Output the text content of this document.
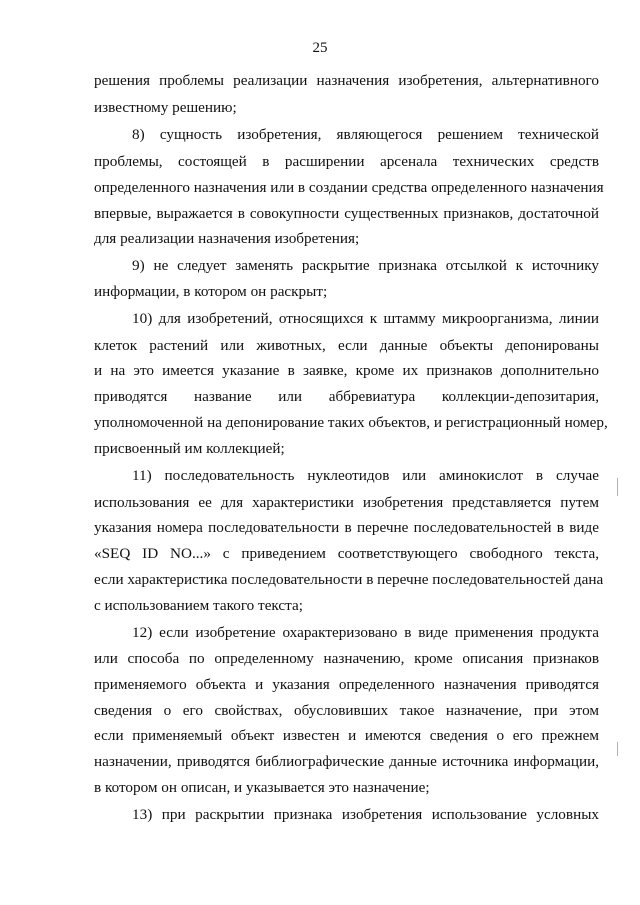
25
решения проблемы реализации назначения изобретения, альтернативного
известному решению;
8) сущность изобретения, являющегося решением технической
проблемы, состоящей в расширении арсенала технических средств
определенного назначения или в создании средства определенного назначения
впервые, выражается в совокупности существенных признаков, достаточной
для реализации назначения изобретения;
9) не следует заменять раскрытие признака отсылкой к источнику
информации, в котором он раскрыт;
10) для изобретений, относящихся к штамму микроорганизма, линии
клеток растений или животных, если данные объекты депонированы
и на это имеется указание в заявке, кроме их признаков дополнительно
приводятся название или аббревиатура коллекции-депозитария,
уполномоченной на депонирование таких объектов, и регистрационный номер,
присвоенный им коллекцией;
11) последовательность нуклеотидов или аминокислот в случае
использования ее для характеристики изобретения представляется путем
указания номера последовательности в перечне последовательностей в виде
«SEQ ID NO...» с приведением соответствующего свободного текста,
если характеристика последовательности в перечне последовательностей дана
с использованием такого текста;
12) если изобретение охарактеризовано в виде применения продукта
или способа по определенному назначению, кроме описания признаков
применяемого объекта и указания определенного назначения приводятся
сведения о его свойствах, обусловивших такое назначение, при этом
если применяемый объект известен и имеются сведения о его прежнем
назначении, приводятся библиографические данные источника информации,
в котором он описан, и указывается это назначение;
13) при раскрытии признака изобретения использование условных
